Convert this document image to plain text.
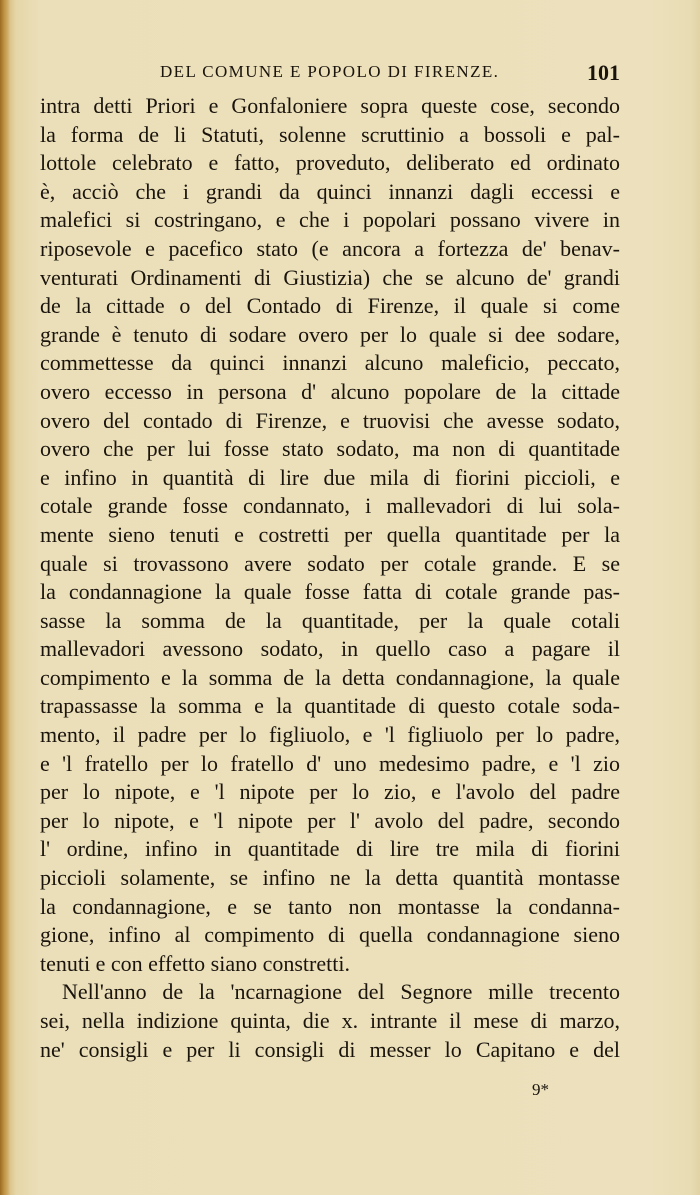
DEL COMUNE E POPOLO DI FIRENZE.	101
intra detti Priori e Gonfaloniere sopra queste cose, secondo
la forma de li Statuti, solenne scruttinio a bossoli e pal-
lottole celebrato e fatto, proveduto, deliberato ed ordinato
è, acciò che i grandi da quinci innanzi dagli eccessi e
malefici si costringano, e che i popolari possano vivere in
riposevole e pacefico stato (e ancora a fortezza de' benav-
venturati Ordinamenti di Giustizia) che se alcuno de' grandi
de la cittade o del Contado di Firenze, il quale si come
grande è tenuto di sodare overo per lo quale si dee sodare,
commettesse da quinci innanzi alcuno maleficio, peccato,
overo eccesso in persona d' alcuno popolare de la cittade
overo del contado di Firenze, e truovisi che avesse sodato,
overo che per lui fosse stato sodato, ma non di quantitade
e infino in quantità di lire due mila di fiorini piccioli, e
cotale grande fosse condannato, i mallevadori di lui sola-
mente sieno tenuti e costretti per quella quantitade per la
quale si trovassono avere sodato per cotale grande. E se
la condannagione la quale fosse fatta di cotale grande pas-
sasse la somma de la quantitade, per la quale cotali
mallevadori avessono sodato, in quello caso a pagare il
compimento e la somma de la detta condannagione, la quale
trapassasse la somma e la quantitade di questo cotale soda-
mento, il padre per lo figliuolo, e 'l figliuolo per lo padre,
e 'l fratello per lo fratello d' uno medesimo padre, e 'l zio
per lo nipote, e 'l nipote per lo zio, e l'avolo del padre
per lo nipote, e 'l nipote per l' avolo del padre, secondo
l' ordine, infino in quantitade di lire tre mila di fiorini
piccioli solamente, se infino ne la detta quantità montasse
la condannagione, e se tanto non montasse la condanna-
gione, infino al compimento di quella condannagione sieno
tenuti e con effetto siano constretti.
Nell'anno de la 'ncarnagione del Segnore mille trecento
sei, nella indizione quinta, die x. intrante il mese di marzo,
ne' consigli e per li consigli di messer lo Capitano e del
9*
